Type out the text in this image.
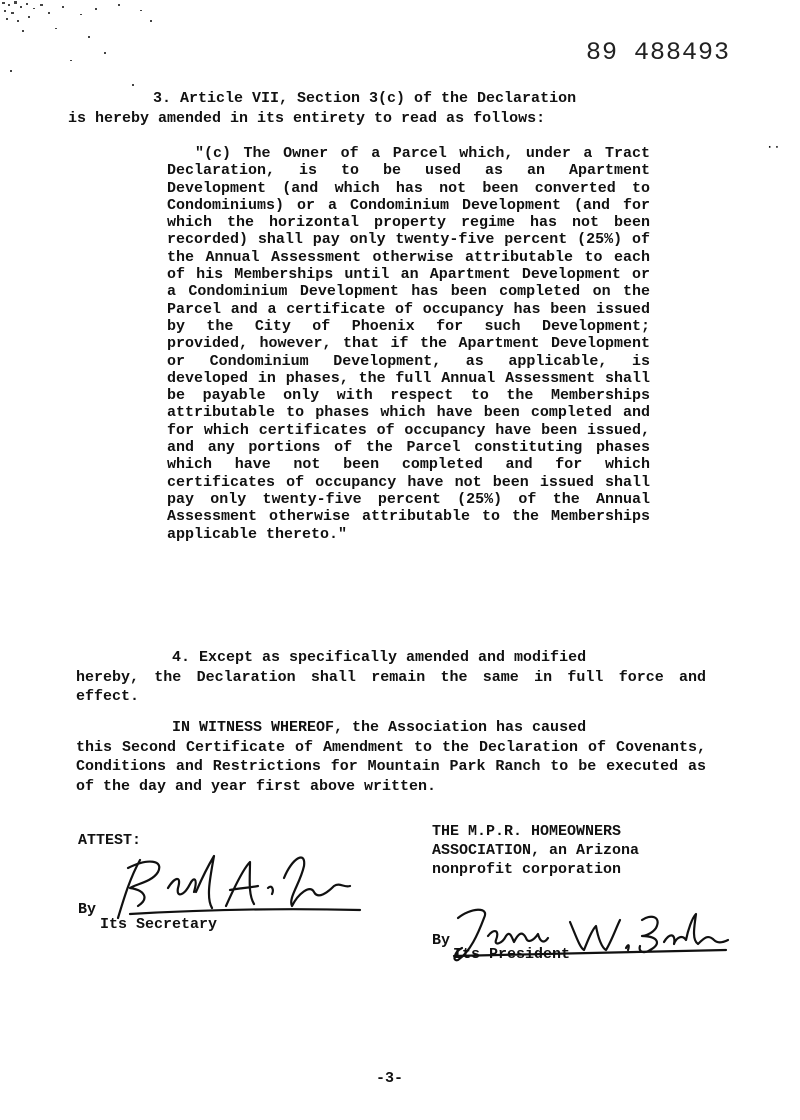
89 488493
⋅⋅
3. Article VII, Section 3(c) of the Declaration
is hereby amended in its entirety to read as follows:
"(c) The Owner of a Parcel which, under a Tract Declaration, is to be used as an Apartment Development (and which has not been converted to Condominiums) or a Condominium Development (and for which the horizontal property regime has not been recorded) shall pay only twenty-five percent (25%) of the Annual Assessment otherwise attributable to each of his Memberships until an Apartment Development or a Condominium Development has been completed on the Parcel and a certificate of occupancy has been issued by the City of Phoenix for such Development; provided, however, that if the Apartment Development or Condominium Development, as applicable, is developed in phases, the full Annual Assessment shall be payable only with respect to the Memberships attributable to phases which have been completed and for which certificates of occupancy have been issued, and any portions of the Parcel constituting phases which have not been completed and for which certificates of occupancy have not been issued shall pay only twenty-five percent (25%) of the Annual Assessment otherwise attributable to the Memberships applicable thereto."
4. Except as specifically amended and modified
hereby, the Declaration shall remain the same in full force and effect.
IN WITNESS WHEREOF, the Association has caused
this Second Certificate of Amendment to the Declaration of Covenants, Conditions and Restrictions for Mountain Park Ranch to be executed as of the day and year first above written.
ATTEST:
THE M.P.R. HOMEOWNERS
ASSOCIATION, an Arizona
nonprofit corporation
By
Its Secretary
By
Its President
-3-
